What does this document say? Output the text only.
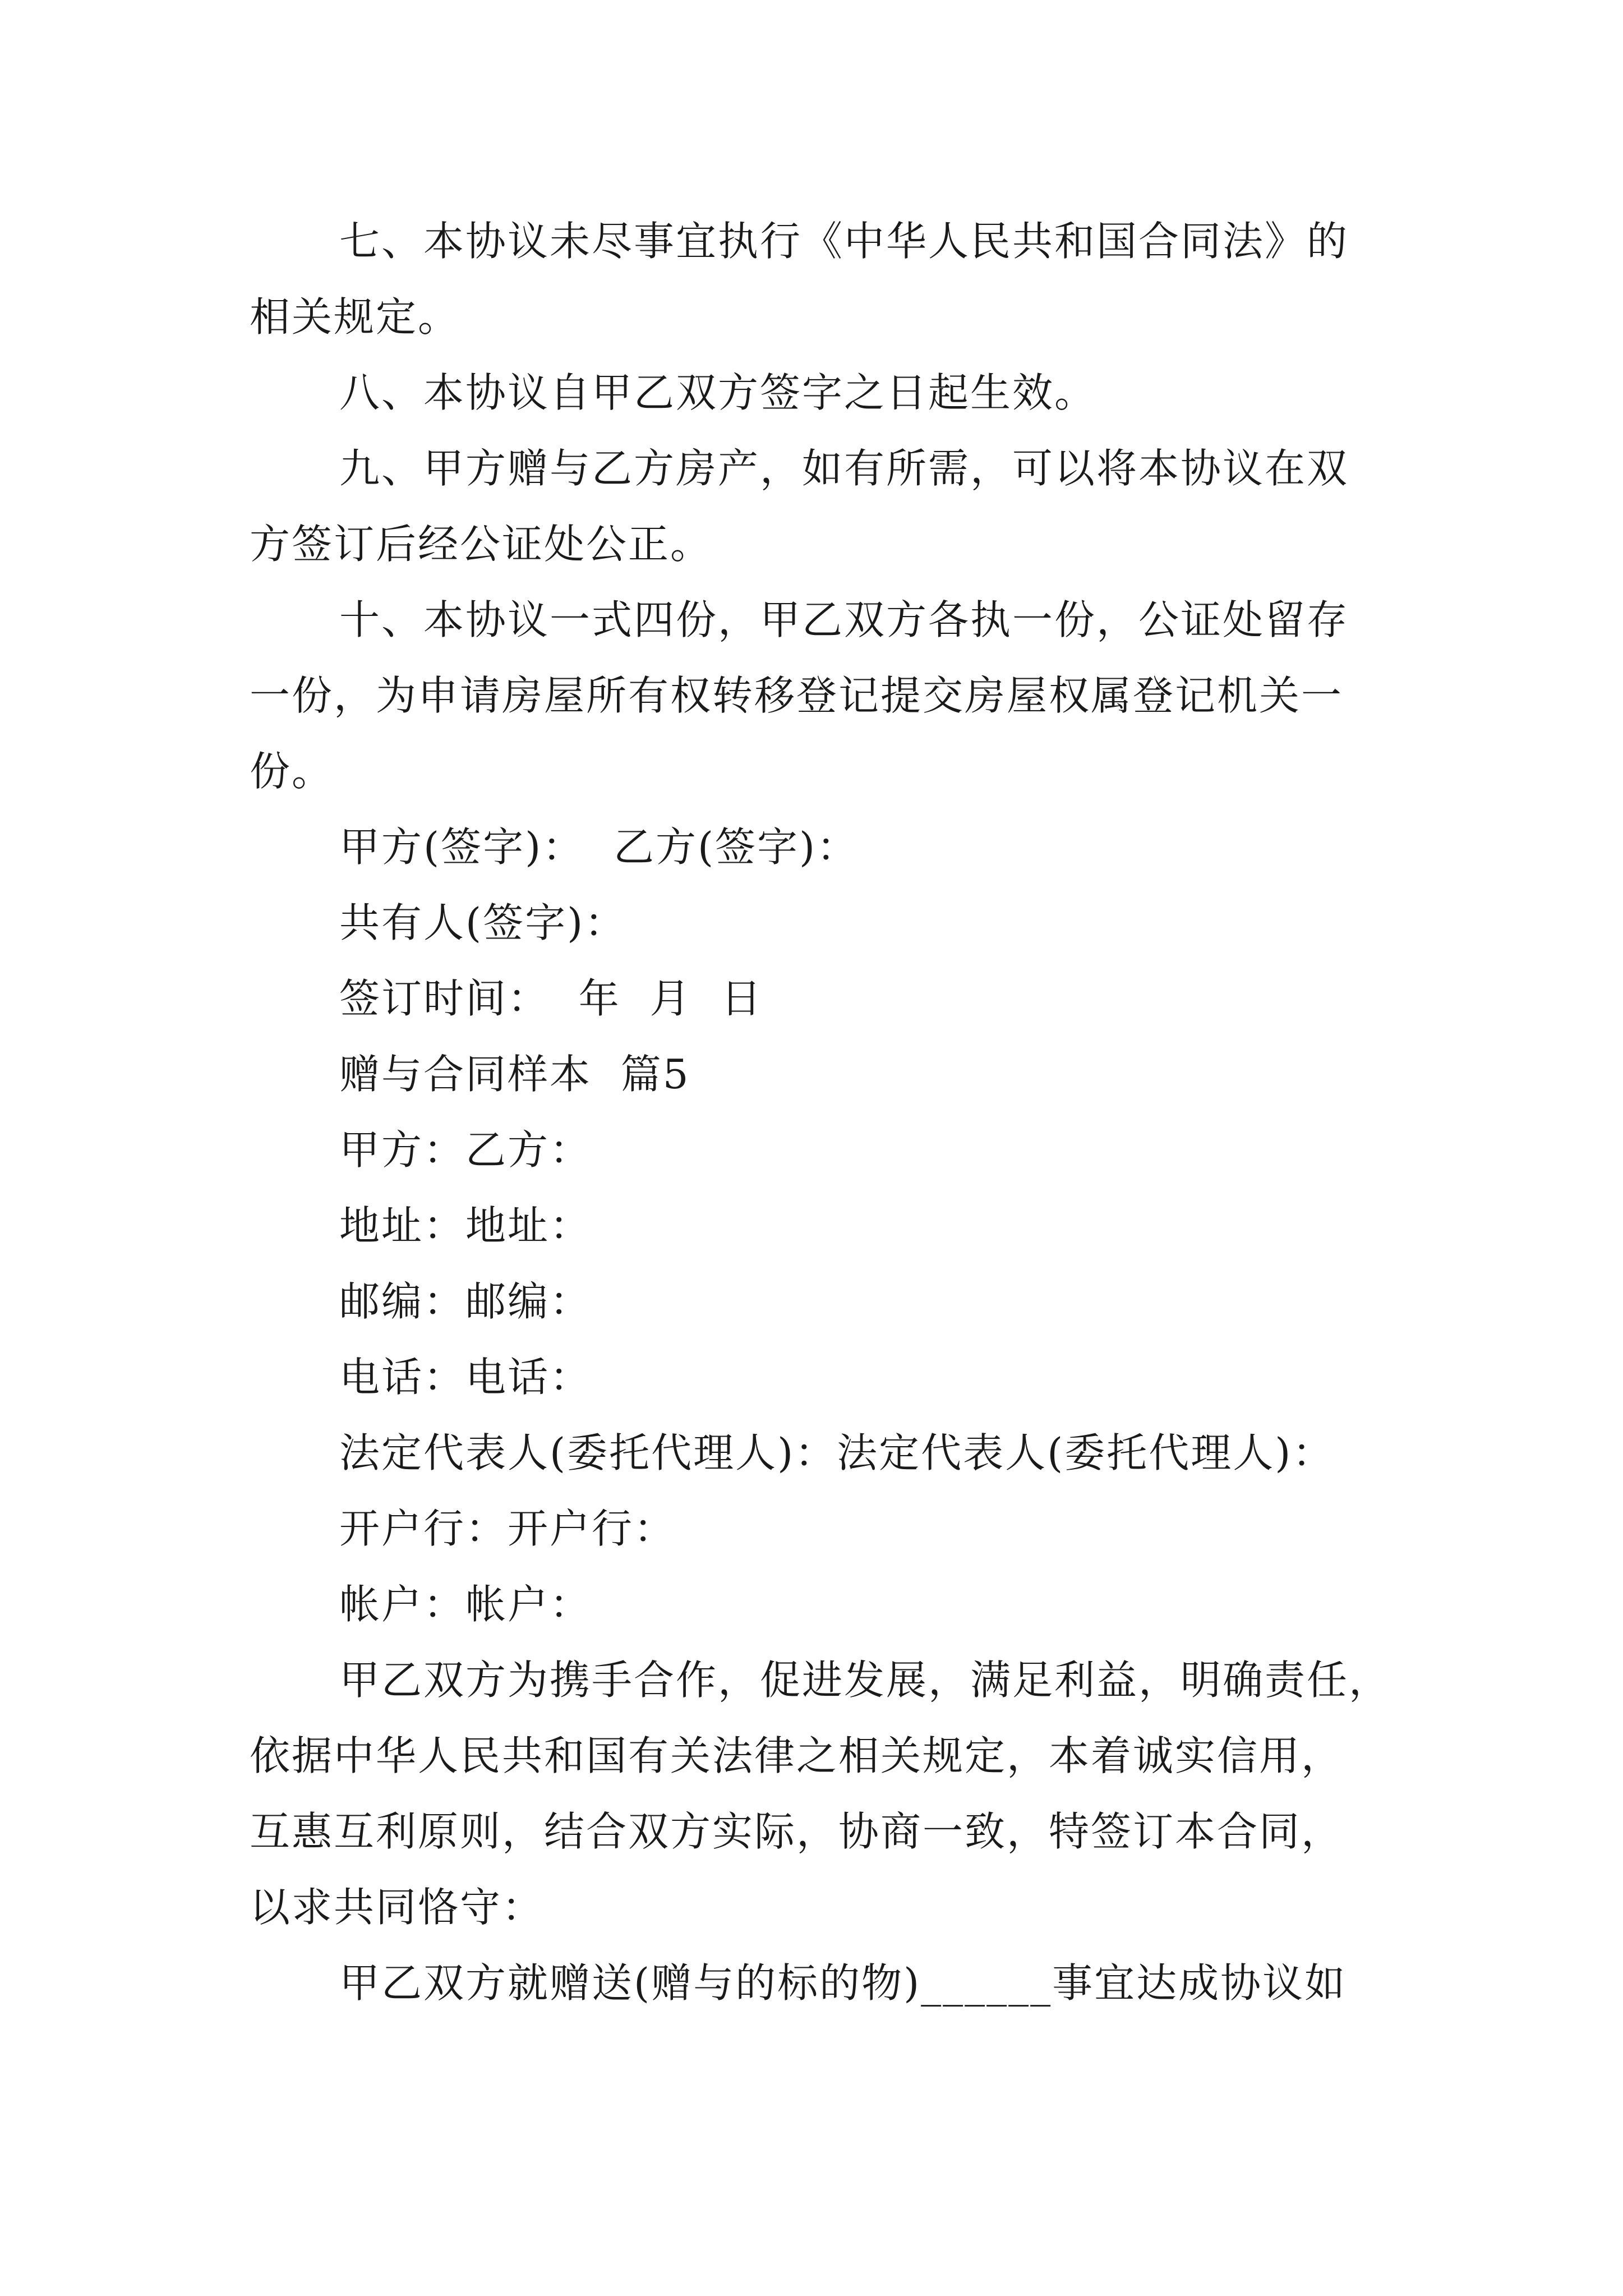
七、本协议未尽事宜执行《中华人民共和国合同法》的
相关规定。
八、本协议自甲乙双方签字之日起生效。
九、甲方赠与乙方房产，如有所需，可以将本协议在双
方签订后经公证处公正。
十、本协议一式四份，甲乙双方各执一份，公证处留存
一份，为申请房屋所有权转移登记提交房屋权属登记机关一
份。
甲方(签字)：  乙方(签字)：
共有人(签字)：
签订时间：  年  月  日
赠与合同样本  篇5
甲方：乙方：
地址：地址：
邮编：邮编：
电话：电话：
法定代表人(委托代理人)：法定代表人(委托代理人)：
开户行：开户行：
帐户：帐户：
甲乙双方为携手合作，促进发展，满足利益，明确责任，
依据中华人民共和国有关法律之相关规定，本着诚实信用，
互惠互利原则，结合双方实际，协商一致，特签订本合同，
以求共同恪守：
甲乙双方就赠送(赠与的标的物)______事宜达成协议如
